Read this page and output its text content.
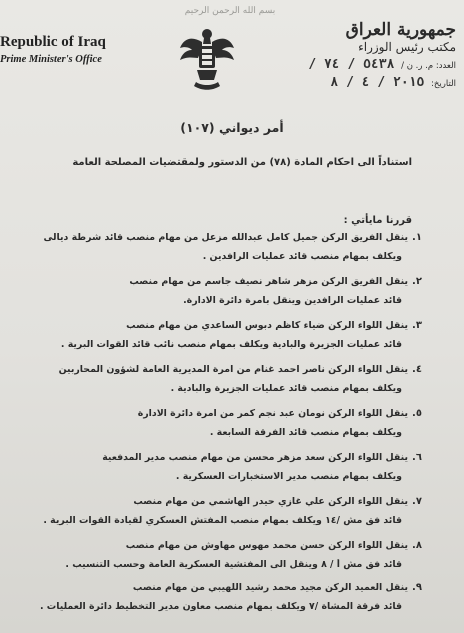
بسم الله الرحمن الرحيم
Republic of Iraq
Prime Minister's Office
جمهورية العراق
مكتب رئيس الوزراء
العدد: م. ر. ن / ٥٤٣٨ / ٧٤ /
التاريخ: ٢٠١٥ / ٤ / ٨
أمر ديواني (١٠٧)
استناداً الى احكام المادة (٧٨) من الدستور ولمقتضيات المصلحة العامة
قررنا مايأتي :
١.
ينقل الفريق الركن جميل كامل عبدالله مزعل من مهام منصب قائد شرطة ديالى
ويكلف بمهام منصب قائد عمليات الرافدين .
٢.
ينقل الفريق الركن مزهر شاهر نصيف جاسم من مهام منصب
قائد عمليات الرافدين وينقل بامرة دائرة الادارة.
٣.
ينقل اللواء الركن ضياء كاظم دبوس الساعدي من مهام منصب
قائد عمليات الجزيرة والبادية ويكلف بمهام منصب نائب قائد القوات البرية .
٤.
ينقل اللواء الركن ناصر احمد غنام من امرة المديرية العامة لشؤون المحاربين
ويكلف بمهام منصب قائد عمليات الجزيرة والبادية .
٥.
ينقل اللواء الركن نومان عبد نجم كمر من امرة دائرة الادارة
ويكلف بمهام منصب قائد الفرقة السابعة .
٦.
ينقل اللواء الركن سعد مزهر محسن من مهام منصب مدير المدفعية
ويكلف بمهام منصب مدير الاستخبارات العسكرية .
٧.
ينقل اللواء الركن علي غازي حيدر الهاشمي من مهام منصب
قائد فق مش /١٤ ويكلف بمهام منصب المفتش العسكري لقيادة القوات البرية .
٨.
ينقل اللواء الركن حسن محمد مهوس مهاوش من مهام منصب
قائد فق مش أ / ٨ وينقل الى المفتشية العسكرية العامة وحسب التنسيب .
٩.
ينقل العميد الركن مجيد محمد رشيد اللهيبي من مهام منصب
قائد فرقة المشاة /٧ ويكلف بمهام منصب معاون مدير التخطيط دائرة العمليات .
